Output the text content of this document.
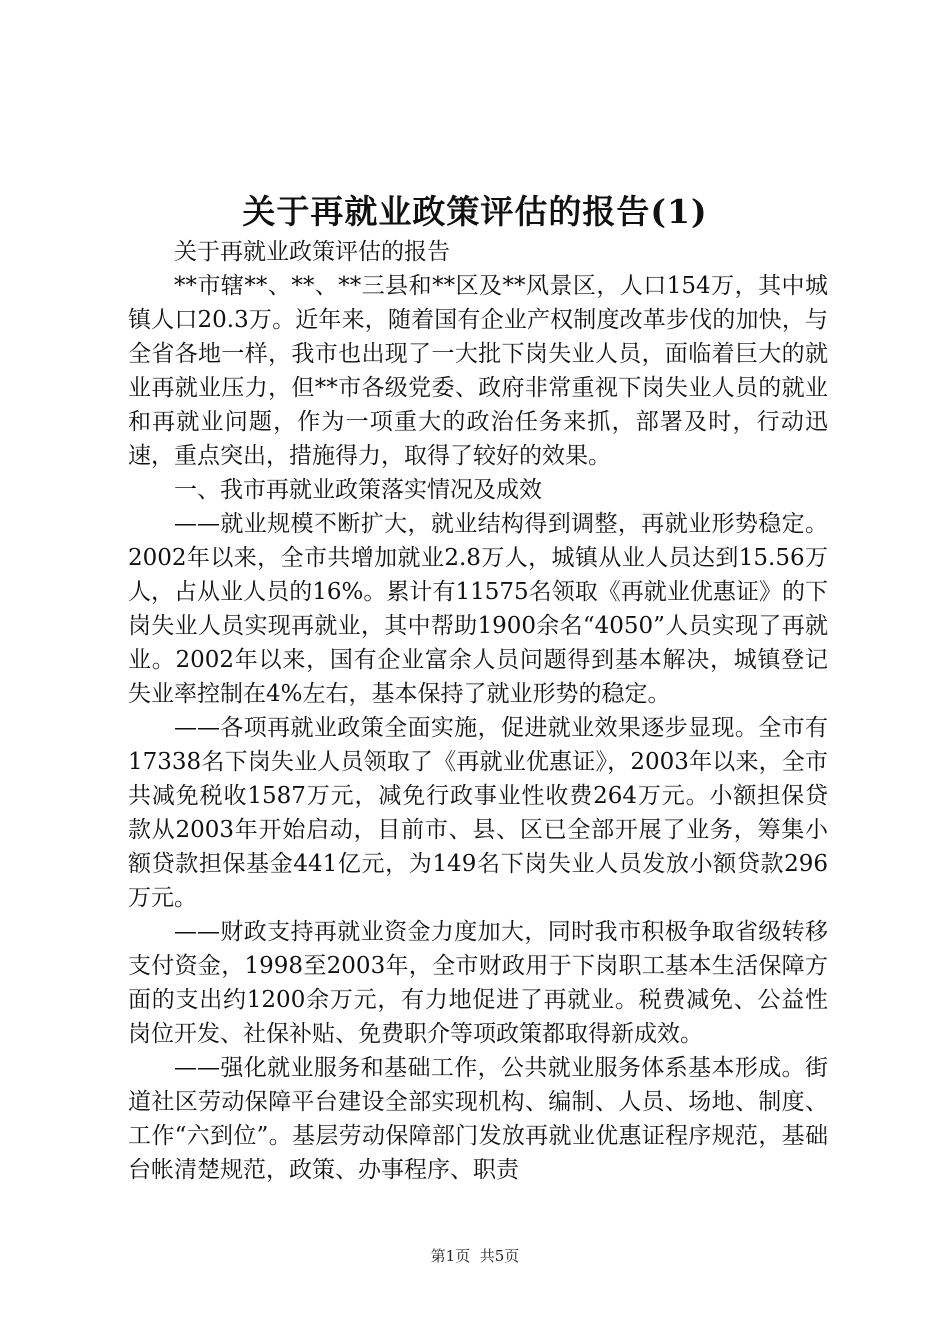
关于再就业政策评估的报告(1)

关于再就业政策评估的报告

**市辖**、**、**三县和**区及**风景区，人口154万，其中城镇人口20.3万。近年来，随着国有企业产权制度改革步伐的加快，与全省各地一样，我市也出现了一大批下岗失业人员，面临着巨大的就业再就业压力，但**市各级党委、政府非常重视下岗失业人员的就业和再就业问题，作为一项重大的政治任务来抓，部署及时，行动迅速，重点突出，措施得力，取得了较好的效果。

一、我市再就业政策落实情况及成效

——就业规模不断扩大，就业结构得到调整，再就业形势稳定。2002年以来，全市共增加就业2.8万人，城镇从业人员达到15.56万人，占从业人员的16%。累计有11575名领取《再就业优惠证》的下岗失业人员实现再就业，其中帮助1900余名“4050”人员实现了再就业。2002年以来，国有企业富余人员问题得到基本解决，城镇登记失业率控制在4%左右，基本保持了就业形势的稳定。

——各项再就业政策全面实施，促进就业效果逐步显现。全市有17338名下岗失业人员领取了《再就业优惠证》，2003年以来，全市共减免税收1587万元，减免行政事业性收费264万元。小额担保贷款从2003年开始启动，目前市、县、区已全部开展了业务，筹集小额贷款担保基金441亿元，为149名下岗失业人员发放小额贷款296万元。

——财政支持再就业资金力度加大，同时我市积极争取省级转移支付资金，1998至2003年，全市财政用于下岗职工基本生活保障方面的支出约1200余万元，有力地促进了再就业。税费减免、公益性岗位开发、社保补贴、免费职介等项政策都取得新成效。

——强化就业服务和基础工作，公共就业服务体系基本形成。街道社区劳动保障平台建设全部实现机构、编制、人员、场地、制度、工作“六到位”。基层劳动保障部门发放再就业优惠证程序规范，基础台帐清楚规范，政策、办事程序、职责

第1页 共5页
